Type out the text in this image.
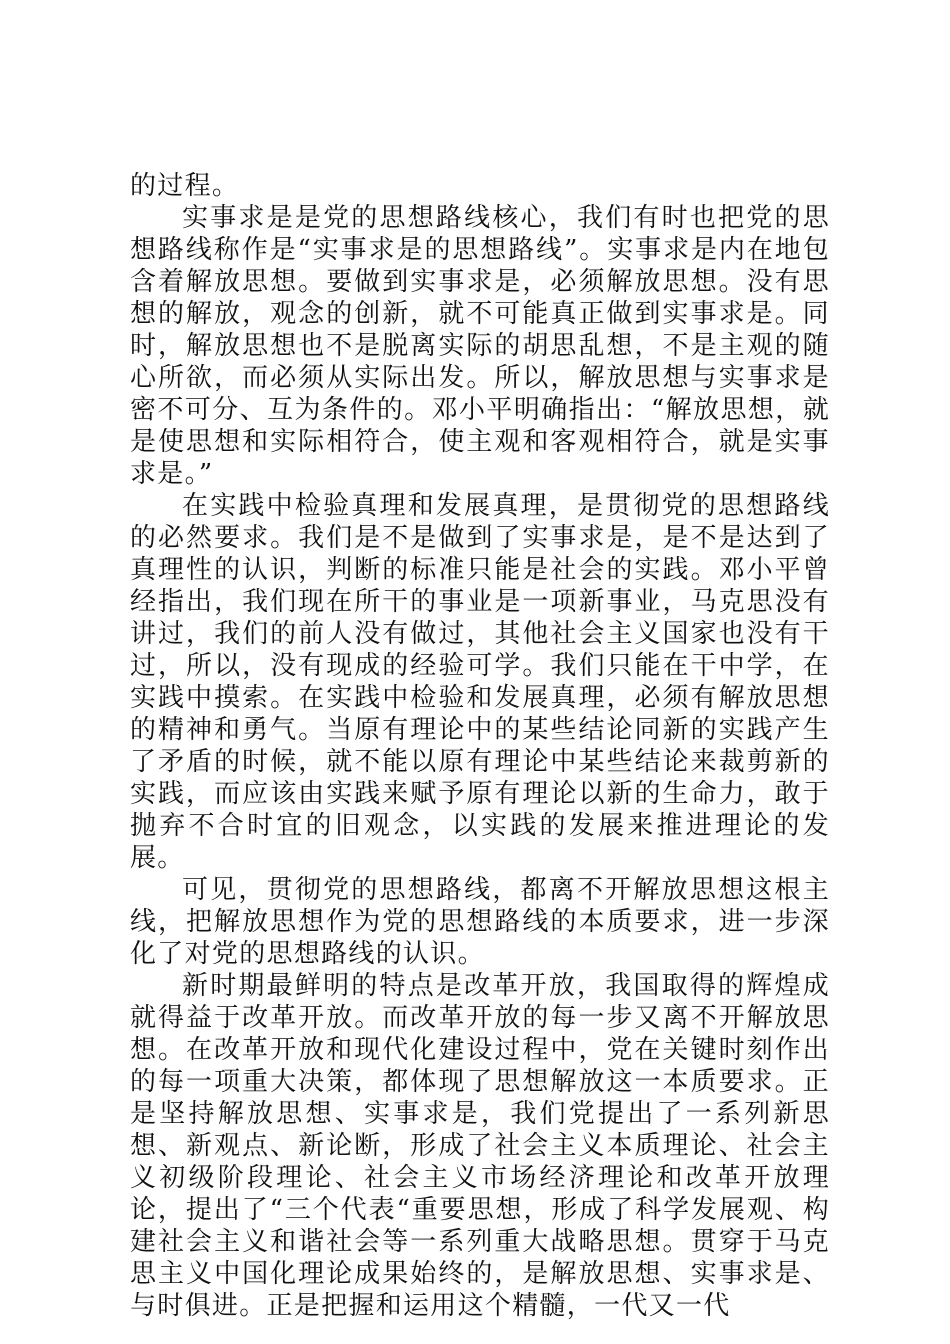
的过程。

实事求是是党的思想路线核心，我们有时也把党的思想路线称作是“实事求是的思想路线”。实事求是内在地包含着解放思想。要做到实事求是，必须解放思想。没有思想的解放，观念的创新，就不可能真正做到实事求是。同时，解放思想也不是脱离实际的胡思乱想，不是主观的随心所欲，而必须从实际出发。所以，解放思想与实事求是密不可分、互为条件的。邓小平明确指出：“解放思想，就是使思想和实际相符合，使主观和客观相符合，就是实事求是。”

在实践中检验真理和发展真理，是贯彻党的思想路线的必然要求。我们是不是做到了实事求是，是不是达到了真理性的认识，判断的标准只能是社会的实践。邓小平曾经指出，我们现在所干的事业是一项新事业，马克思没有讲过，我们的前人没有做过，其他社会主义国家也没有干过，所以，没有现成的经验可学。我们只能在干中学，在实践中摸索。在实践中检验和发展真理，必须有解放思想的精神和勇气。当原有理论中的某些结论同新的实践产生了矛盾的时候，就不能以原有理论中某些结论来裁剪新的实践，而应该由实践来赋予原有理论以新的生命力，敢于抛弃不合时宜的旧观念，以实践的发展来推进理论的发展。

可见，贯彻党的思想路线，都离不开解放思想这根主线，把解放思想作为党的思想路线的本质要求，进一步深化了对党的思想路线的认识。

新时期最鲜明的特点是改革开放，我国取得的辉煌成就得益于改革开放。而改革开放的每一步又离不开解放思想。在改革开放和现代化建设过程中，党在关键时刻作出的每一项重大决策，都体现了思想解放这一本质要求。正是坚持解放思想、实事求是，我们党提出了一系列新思想、新观点、新论断，形成了社会主义本质理论、社会主义初级阶段理论、社会主义市场经济理论和改革开放理论，提出了“三个代表“重要思想，形成了科学发展观、构建社会主义和谐社会等一系列重大战略思想。贯穿于马克思主义中国化理论成果始终的，是解放思想、实事求是、与时俱进。正是把握和运用这个精髓，一代又一代
